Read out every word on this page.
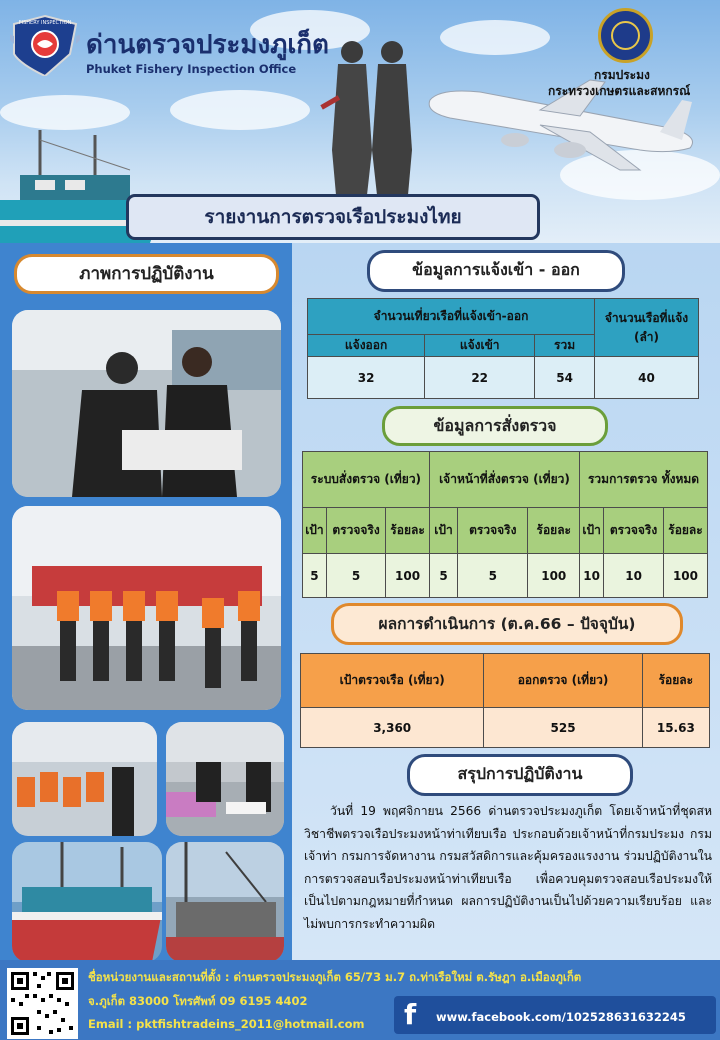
FISHERY INSPECTION
ด่านตรวจประมงภูเก็ต
Phuket Fishery Inspection Office	กรมประมง
กระทรวงเกษตรและสหกรณ์
รายงานการตรวจเรือประมงไทย
ภาพการปฏิบัติงาน	ข้อมูลการแจ้งเข้า - ออก
จำนวนเที่ยวเรือที่แจ้งเข้า-ออก			จำนวนเรือที่แจ้ง (ลำ)
แจ้งออก	แจ้งเข้า	รวม	
32	22	54	40
ข้อมูลการสั่งตรวจ
ระบบสั่งตรวจ (เที่ยว)			เจ้าหน้าที่สั่งตรวจ (เที่ยว)			รวมการตรวจ ทั้งหมด		
เป้า	ตรวจจริง	ร้อยละ	เป้า	ตรวจจริง	ร้อยละ	เป้า	ตรวจจริง	ร้อยละ
5	5	100	5	5	100	10	10	100
ผลการดำเนินการ (ต.ค.66 – ปัจจุบัน)
เป้าตรวจเรือ (เที่ยว)	ออกตรวจ (เที่ยว)	ร้อยละ
3,360	525	15.63
สรุปการปฏิบัติงาน
วันที่ 19 พฤศจิกายน 2566 ด่านตรวจประมงภูเก็ต โดยเจ้าหน้าที่ชุดสหวิชาชีพตรวจเรือประมงหน้าท่าเทียบเรือ ประกอบด้วยเจ้าหน้าที่กรมประมง กรมเจ้าท่า กรมการจัดหางาน กรมสวัสดิการและคุ้มครองแรงงาน ร่วมปฏิบัติงานในการตรวจสอบเรือประมงหน้าท่าเทียบเรือ เพื่อควบคุมตรวจสอบเรือประมงให้เป็นไปตามกฎหมายที่กำหนด ผลการปฏิบัติงานเป็นไปด้วยความเรียบร้อย และไม่พบการกระทำความผิด
ชื่อหน่วยงานและสถานที่ตั้ง : ด่านตรวจประมงภูเก็ต 65/73 ม.7 ถ.ท่าเรือใหม่ ต.รัษฎา อ.เมืองภูเก็ต
จ.ภูเก็ต 83000 โทรศัพท์ 09 6195 4402
Email : pktfishtradeins_2011@hotmail.com f	www.facebook.com/102528631632245
